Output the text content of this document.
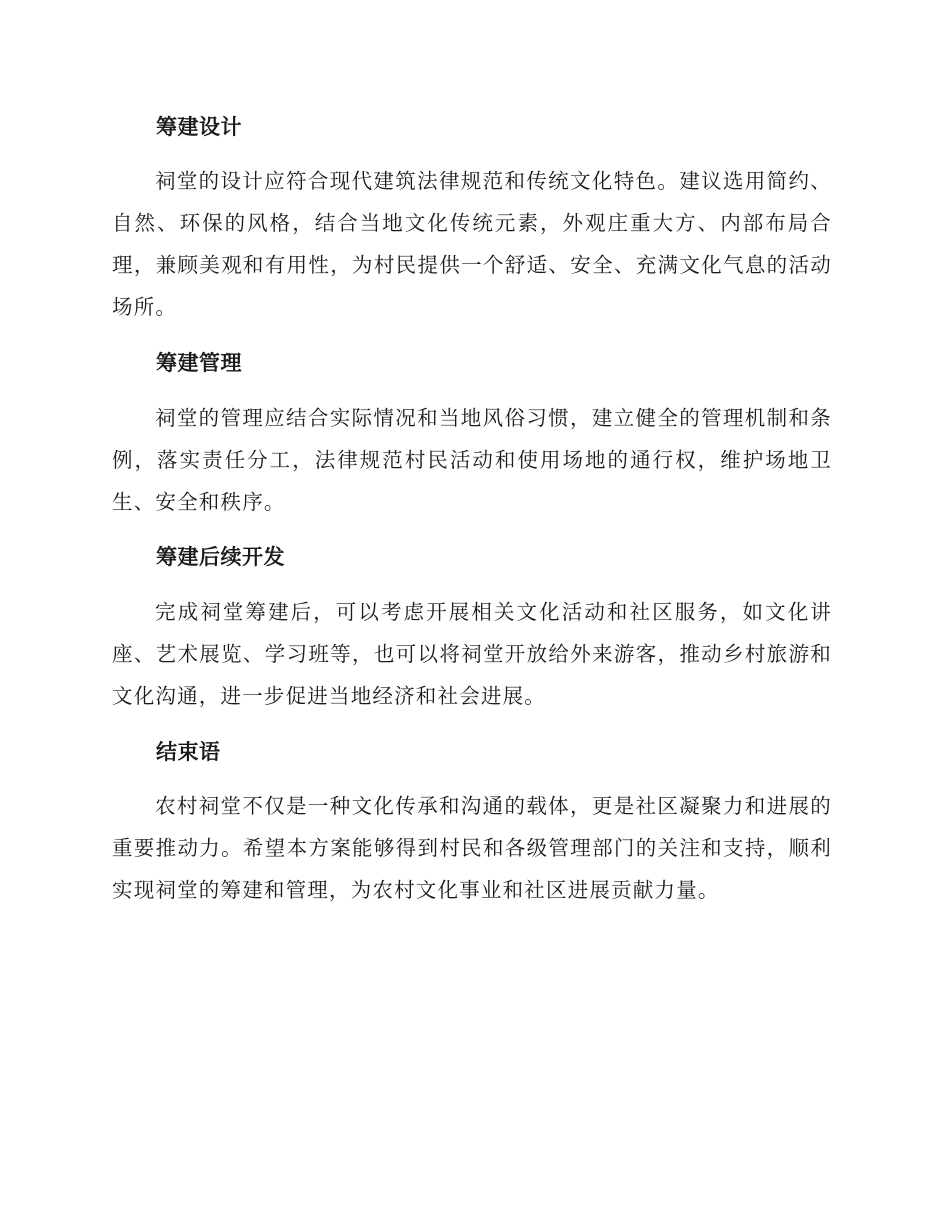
筹建设计

祠堂的设计应符合现代建筑法律规范和传统文化特色。建议选用简约、自然、环保的风格，结合当地文化传统元素，外观庄重大方、内部布局合理，兼顾美观和有用性，为村民提供一个舒适、安全、充满文化气息的活动场所。

筹建管理

祠堂的管理应结合实际情况和当地风俗习惯，建立健全的管理机制和条例，落实责任分工，法律规范村民活动和使用场地的通行权，维护场地卫生、安全和秩序。

筹建后续开发

完成祠堂筹建后，可以考虑开展相关文化活动和社区服务，如文化讲座、艺术展览、学习班等，也可以将祠堂开放给外来游客，推动乡村旅游和文化沟通，进一步促进当地经济和社会进展。

结束语

农村祠堂不仅是一种文化传承和沟通的载体，更是社区凝聚力和进展的重要推动力。希望本方案能够得到村民和各级管理部门的关注和支持，顺利实现祠堂的筹建和管理，为农村文化事业和社区进展贡献力量。
